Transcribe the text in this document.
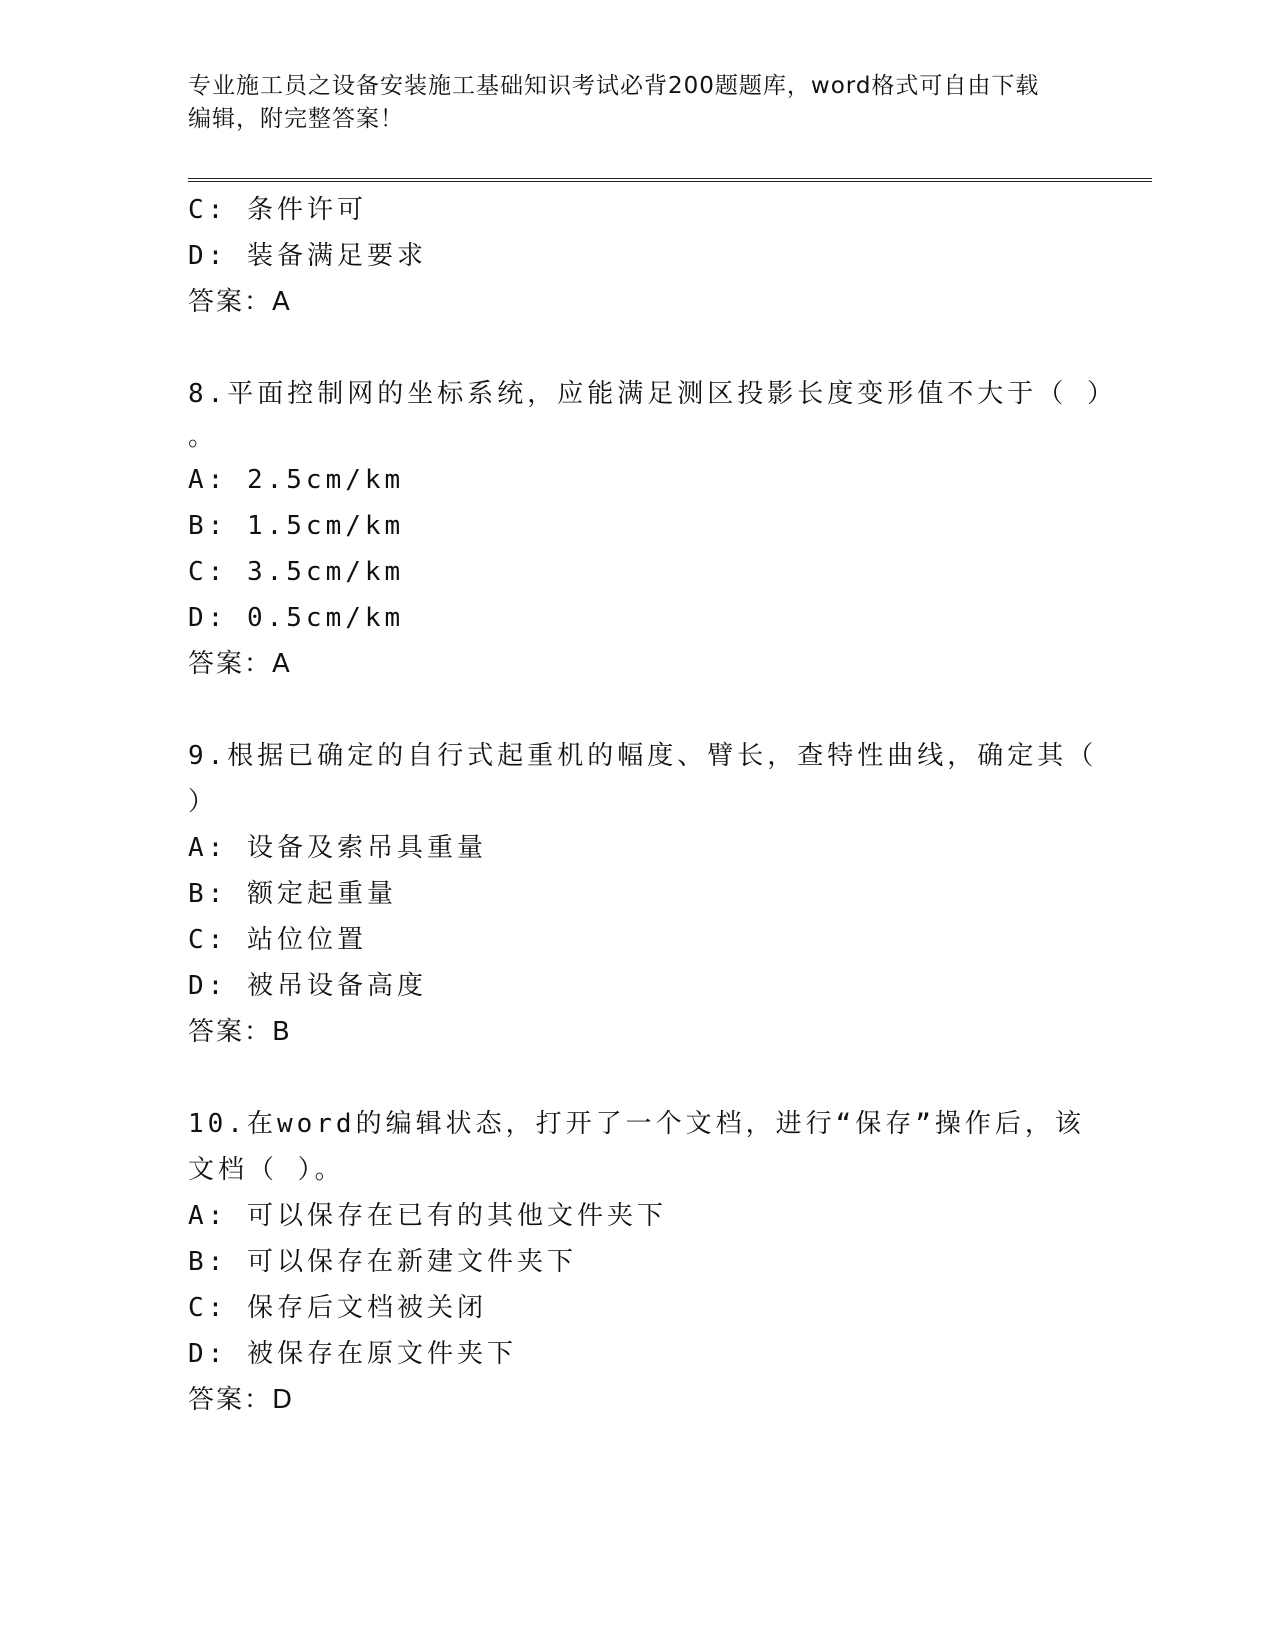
专业施工员之设备安装施工基础知识考试必背200题题库，word格式可自由下载
编辑，附完整答案！
C: 条件许可
D: 装备满足要求
答案：A
8.平面控制网的坐标系统，应能满足测区投影长度变形值不大于（ ）
。
A: 2.5cm/km
B: 1.5cm/km
C: 3.5cm/km
D: 0.5cm/km
答案：A
9.根据已确定的自行式起重机的幅度、臂长，查特性曲线，确定其（
）
A: 设备及索吊具重量
B: 额定起重量
C: 站位位置
D: 被吊设备高度
答案：B
10.在word的编辑状态，打开了一个文档，进行“保存”操作后，该
文档（ ）。
A: 可以保存在已有的其他文件夹下
B: 可以保存在新建文件夹下
C: 保存后文档被关闭
D: 被保存在原文件夹下
答案：D
